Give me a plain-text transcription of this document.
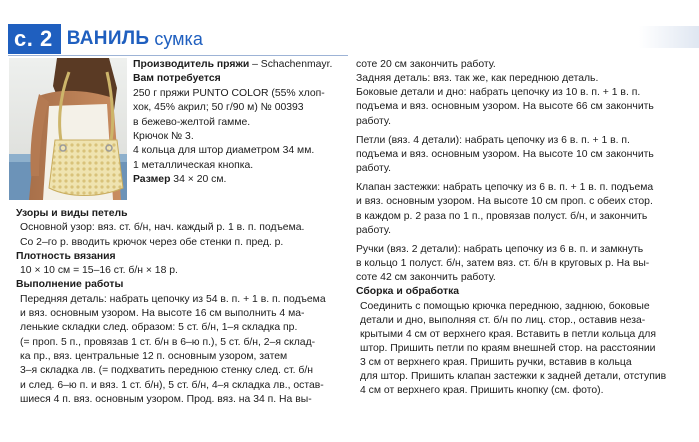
с. 2 ВАНИЛЬ сумка
Производитель пряжи – Schachenmayr.
Вам потребуется
250 г пряжи PUNTO COLOR (55% хлоп-
хок, 45% акрил; 50 г/90 м) № 00393
в бежево-желтой гамме.
Крючок № 3.
4 кольца для штор диаметром 34 мм.
1 металлическая кнопка.
Размер 34 × 20 см.
Узоры и виды петель
Основной узор: вяз. ст. б/н, нач. каждый р. 1 в. п. подъема.
Со 2–го р. вводить крючок через обе стенки п. пред. р.
Плотность вязания
10 × 10 см = 15–16 ст. б/н × 18 р.
Выполнение работы
Передняя деталь: набрать цепочку из 54 в. п. + 1 в. п. подъема
и вяз. основным узором. На высоте 16 см выполнить 4 ма-
ленькие складки след. образом: 5 ст. б/н, 1–я складка пр.
(= проп. 5 п., провязав 1 ст. б/н в 6–ю п.), 5 ст. б/н, 2–я склад-
ка пр., вяз. центральные 12 п. основным узором, затем
3–я складка лв. (= подхватить переднюю стенку след. ст. б/н
и след. 6–ю п. и вяз. 1 ст. б/н), 5 ст. б/н, 4–я складка лв., остав-
шиеся 4 п. вяз. основным узором. Прод. вяз. на 34 п. На вы-
соте 20 см закончить работу.
Задняя деталь: вяз. так же, как переднюю деталь.
Боковые детали и дно: набрать цепочку из 10 в. п. + 1 в. п.
подъема и вяз. основным узором. На высоте 66 см закончить
работу.
Петли (вяз. 4 детали): набрать цепочку из 6 в. п. + 1 в. п.
подъема и вяз. основным узором. На высоте 10 см закончить
работу.
Клапан застежки: набрать цепочку из 6 в. п. + 1 в. п. подъема
и вяз. основным узором. На высоте 10 см проп. с обеих стор.
в каждом р. 2 раза по 1 п., провязав полуст. б/н, и закончить
работу.
Ручки (вяз. 2 детали): набрать цепочку из 6 в. п. и замкнуть
в кольцо 1 полуст. б/н, затем вяз. ст. б/н в круговых р. На вы-
соте 42 см закончить работу.
Сборка и обработка
Соединить с помощью крючка переднюю, заднюю, боковые
детали и дно, выполняя ст. б/н по лиц. стор., оставив неза-
крытыми 4 см от верхнего края. Вставить в петли кольца для
штор. Пришить петли по краям внешней стор. на расстоянии
3 см от верхнего края. Пришить ручки, вставив в кольца
для штор. Пришить клапан застежки к задней детали, отступив
4 см от верхнего края. Пришить кнопку (см. фото).
